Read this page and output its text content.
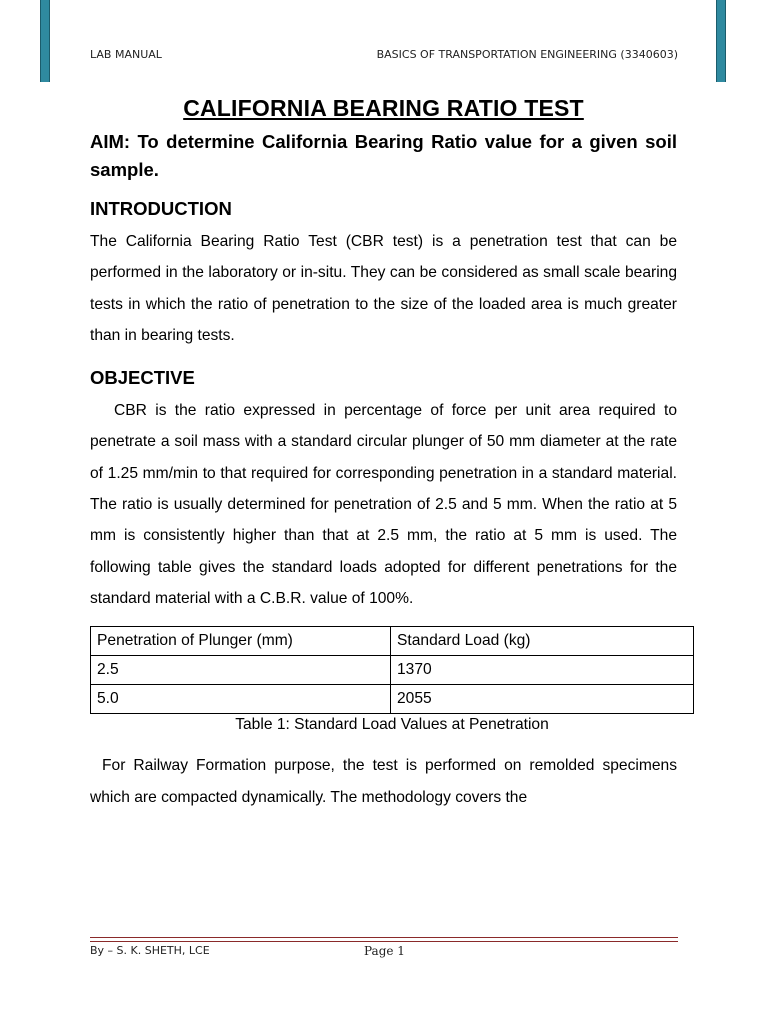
LAB MANUAL	BASICS OF TRANSPORTATION ENGINEERING (3340603)
CALIFORNIA BEARING RATIO TEST

AIM: To determine California Bearing Ratio value for a given soil sample.

INTRODUCTION

The California Bearing Ratio Test (CBR test) is a penetration test that can be performed in the laboratory or in-situ. They can be considered as small scale bearing tests in which the ratio of penetration to the size of the loaded area is much greater than in bearing tests.

OBJECTIVE

CBR is the ratio expressed in percentage of force per unit area required to penetrate a soil mass with a standard circular plunger of 50 mm diameter at the rate of 1.25 mm/min to that required for corresponding penetration in a standard material. The ratio is usually determined for penetration of 2.5 and 5 mm. When the ratio at 5 mm is consistently higher than that at 2.5 mm, the ratio at 5 mm is used. The following table gives the standard loads adopted for different penetrations for the standard material with a C.B.R. value of 100%.

Penetration of Plunger (mm)	Standard Load (kg)
2.5	1370
5.0	2055
Table 1: Standard Load Values at Penetration

For Railway Formation purpose, the test is performed on remolded specimens which are compacted dynamically. The methodology covers the

By – S. K. SHETH, LCE	Page 1
